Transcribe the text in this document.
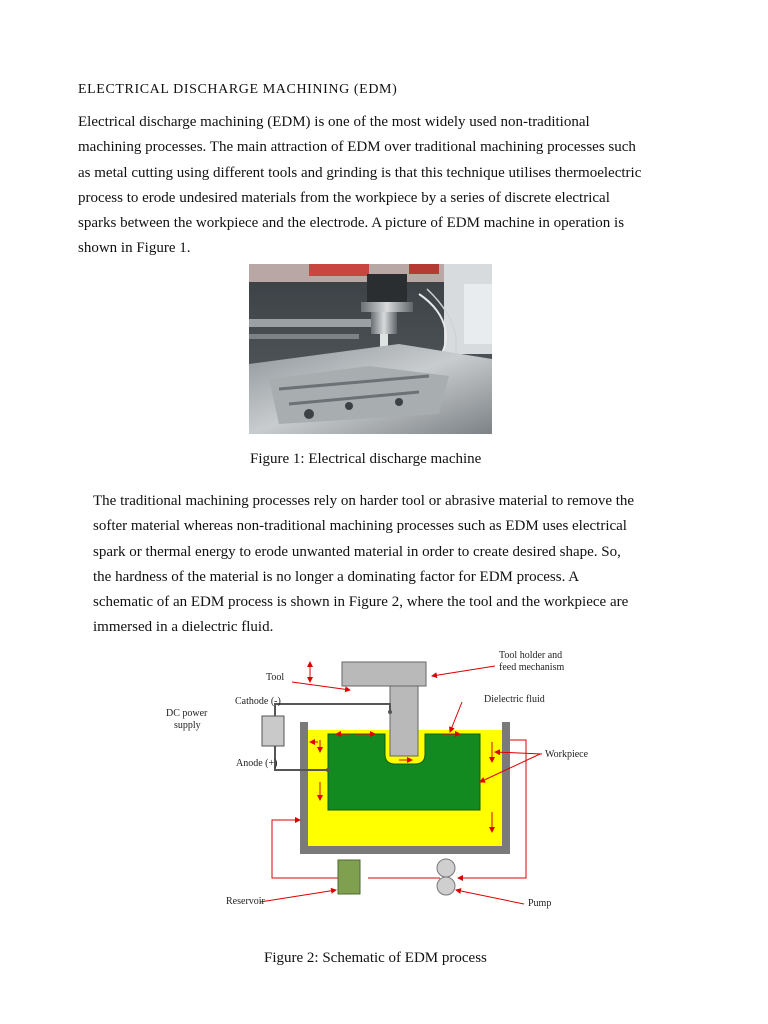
ELECTRICAL DISCHARGE MACHINING (EDM)

Electrical discharge machining (EDM) is one of the most widely used non-traditional
machining processes. The main attraction of EDM over traditional machining processes such
as metal cutting using different tools and grinding is that this technique utilises thermoelectric
process to erode undesired materials from the workpiece by a series of discrete electrical
sparks between the workpiece and the electrode. A picture of EDM machine in operation is
shown in Figure 1.

Figure 1: Electrical discharge machine

The traditional machining processes rely on harder tool or abrasive material to remove the
softer material whereas non-traditional machining processes such as EDM uses electrical
spark or thermal energy to erode unwanted material in order to create desired shape. So,
the hardness of the material is no longer a dominating factor for EDM process. A
schematic of an EDM process is shown in Figure 2, where the tool and the workpiece are
immersed in a dielectric fluid.

Tool
Tool holder and
feed mechanism
Cathode (-)
DC power
supply
Dielectric fluid
Anode (+)
Workpiece
Reservoir	Pump

Figure 2: Schematic of EDM process
